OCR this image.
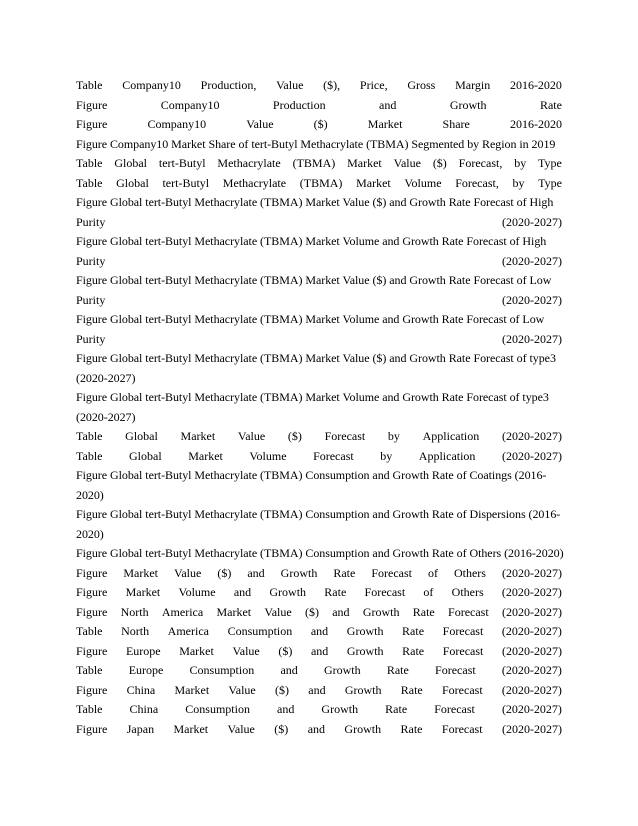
Table Company10 Production, Value ($), Price, Gross Margin 2016-2020
Figure	Company10	Production	and	Growth	Rate
Figure	Company10	Value	($)	Market	Share	2016-2020
Figure Company10 Market Share of tert-Butyl Methacrylate (TBMA) Segmented by Region in 2019
Table Global tert-Butyl Methacrylate (TBMA) Market Value ($) Forecast, by Type
Table Global tert-Butyl Methacrylate (TBMA) Market Volume Forecast, by Type
Figure Global tert-Butyl Methacrylate (TBMA) Market Value ($) and Growth Rate Forecast of High
Purity	(2020-2027)
Figure Global tert-Butyl Methacrylate (TBMA) Market Volume and Growth Rate Forecast of High
Purity	(2020-2027)
Figure Global tert-Butyl Methacrylate (TBMA) Market Value ($) and Growth Rate Forecast of Low
Purity	(2020-2027)
Figure Global tert-Butyl Methacrylate (TBMA) Market Volume and Growth Rate Forecast of Low
Purity	(2020-2027)
Figure Global tert-Butyl Methacrylate (TBMA) Market Value ($) and Growth Rate Forecast of type3
(2020-2027)
Figure Global tert-Butyl Methacrylate (TBMA) Market Volume and Growth Rate Forecast of type3
(2020-2027)
Table Global Market Value ($) Forecast by Application (2020-2027)
Table Global Market Volume Forecast by Application (2020-2027)
Figure Global tert-Butyl Methacrylate (TBMA) Consumption and Growth Rate of Coatings (2016-
2020)
Figure Global tert-Butyl Methacrylate (TBMA) Consumption and Growth Rate of Dispersions (2016-
2020)
Figure Global tert-Butyl Methacrylate (TBMA) Consumption and Growth Rate of Others (2016-2020)
Figure Market Value ($) and Growth Rate Forecast of Others (2020-2027)
Figure Market Volume and Growth Rate Forecast of Others (2020-2027)
Figure North America Market Value ($) and Growth Rate Forecast (2020-2027)
Table North America Consumption and Growth Rate Forecast (2020-2027)
Figure Europe Market Value ($) and Growth Rate Forecast (2020-2027)
Table Europe Consumption and Growth Rate Forecast (2020-2027)
Figure China Market Value ($) and Growth Rate Forecast (2020-2027)
Table China Consumption and Growth Rate Forecast (2020-2027)
Figure Japan Market Value ($) and Growth Rate Forecast (2020-2027)
